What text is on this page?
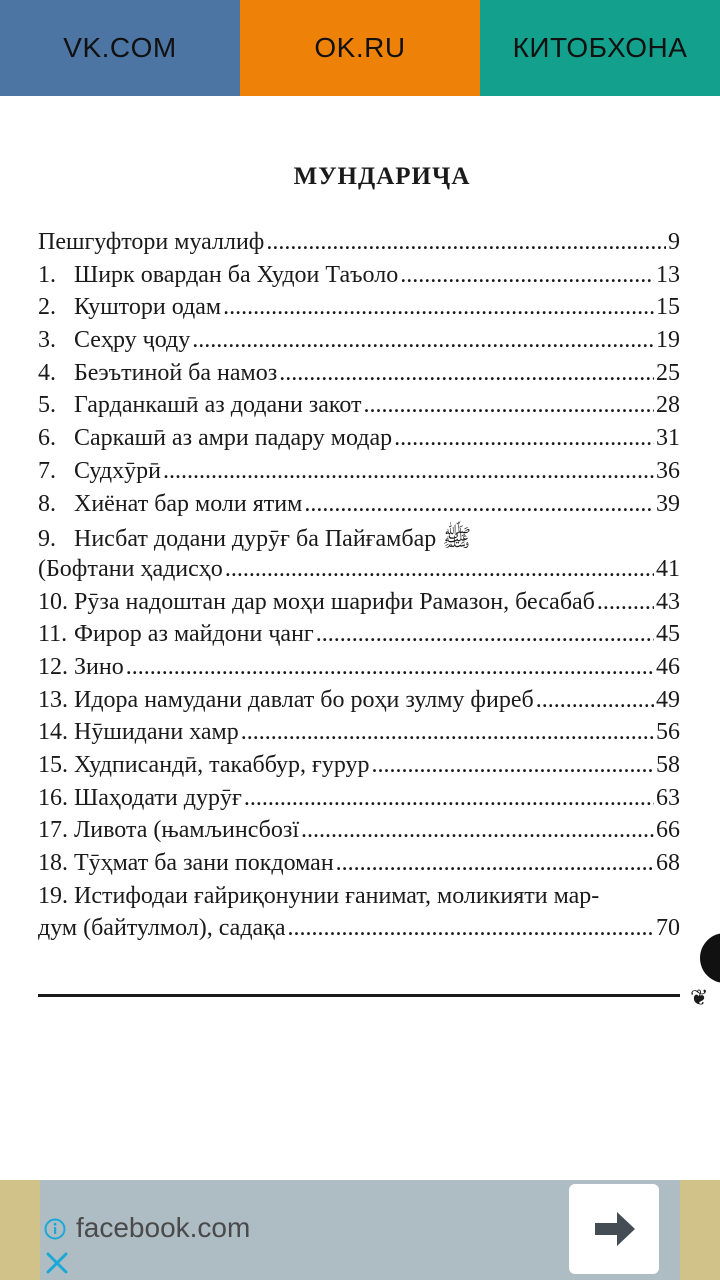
VK.COM	OK.RU	КИТОБХОНА
МУНДАРИҶА
Пешгуфтори муаллиф .....	9
1. Ширк овардан ба Худои Таъоло .....	13
2. Куштори одам .....	15
3. Сеҳру ҷоду .....	19
4. Беэътиной ба намоз .....	25
5. Гарданкашӣ аз додани закот .....	28
6. Саркашӣ аз амри падару модар .....	31
7. Судхӯрӣ .....	36
8. Хиёнат бар моли ятим .....	39
9. Нисбат додани дурӯғ ба Пайғамбар ﷺ
(Бофтани ҳадисҳо .....	41
10. Рӯза надоштан дар моҳи шарифи Рамазон, бесабаб .....	43
11. Фирор аз майдони ҷанг .....	45
12. Зино .....	46
13. Идора намудани давлат бо роҳи зулму фиреб .....	49
14. Нӯшидани хамр .....	56
15. Худписандӣ, такаббур, ғурур .....	58
16. Шаҳодати дурӯғ .....	63
17. Ливота (њамљинсбозї .....	66
18. Тӯҳмат ба зани покдоман .....	68
19. Истифодаи ғайриқонунии ғанимат, моликияти мар-
дум (байтулмол), садақа .....	70
❦
facebook.com
